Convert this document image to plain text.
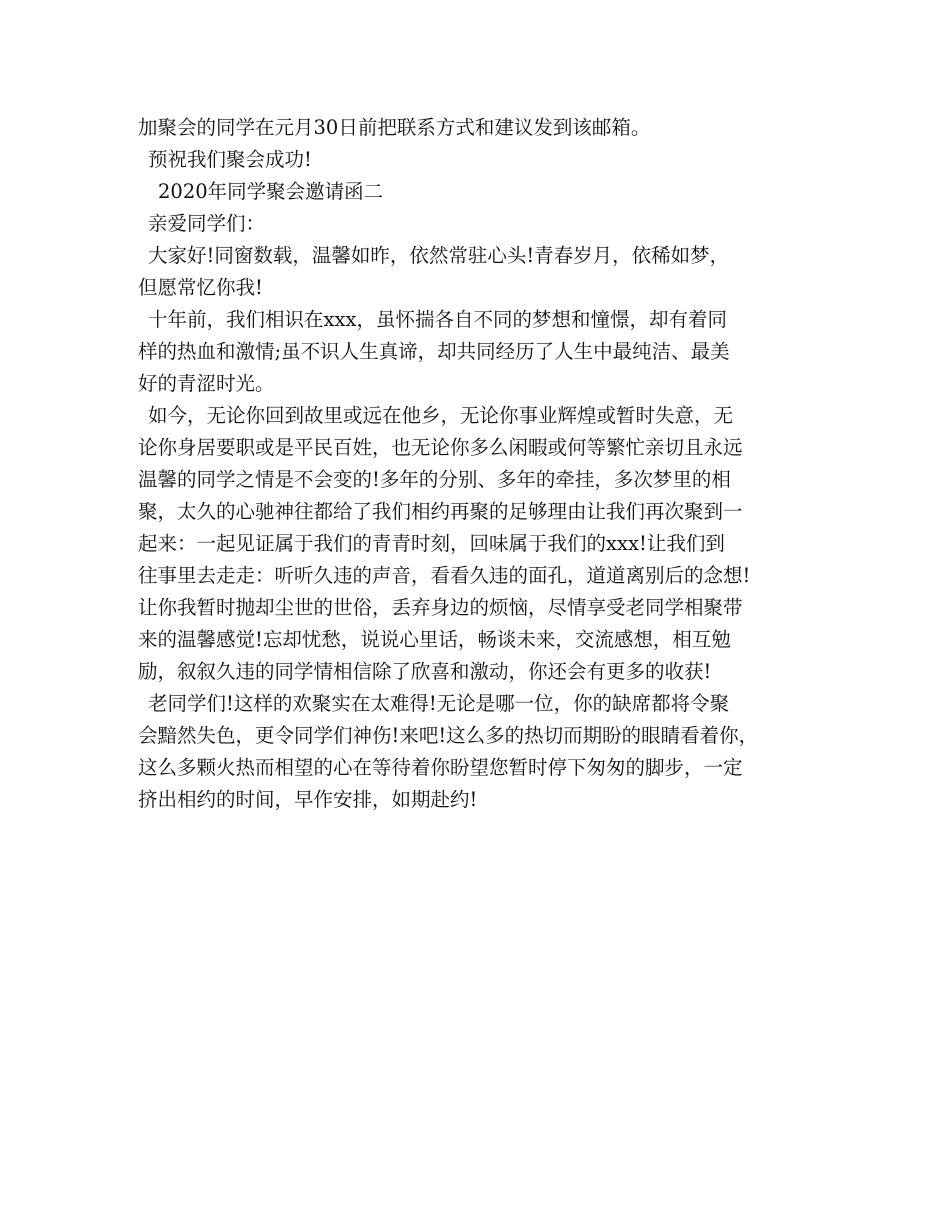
加聚会的同学在元月30日前把联系方式和建议发到该邮箱。
预祝我们聚会成功!
2020年同学聚会邀请函二
亲爱同学们：
大家好!同窗数载，温馨如昨，依然常驻心头!青春岁月，依稀如梦，
但愿常忆你我!
十年前，我们相识在xxx，虽怀揣各自不同的梦想和憧憬，却有着同
样的热血和激情;虽不识人生真谛，却共同经历了人生中最纯洁、最美
好的青涩时光。
如今，无论你回到故里或远在他乡，无论你事业辉煌或暂时失意，无
论你身居要职或是平民百姓，也无论你多么闲暇或何等繁忙亲切且永远
温馨的同学之情是不会变的!多年的分别、多年的牵挂，多次梦里的相
聚，太久的心驰神往都给了我们相约再聚的足够理由让我们再次聚到一
起来：一起见证属于我们的青青时刻，回味属于我们的xxx!让我们到
往事里去走走：听听久违的声音，看看久违的面孔，道道离别后的念想!
让你我暂时抛却尘世的世俗，丢弃身边的烦恼，尽情享受老同学相聚带
来的温馨感觉!忘却忧愁，说说心里话，畅谈未来，交流感想，相互勉
励，叙叙久违的同学情相信除了欣喜和激动，你还会有更多的收获!
老同学们!这样的欢聚实在太难得!无论是哪一位，你的缺席都将令聚
会黯然失色，更令同学们神伤!来吧!这么多的热切而期盼的眼睛看着你，
这么多颗火热而相望的心在等待着你盼望您暂时停下匆匆的脚步，一定
挤出相约的时间，早作安排，如期赴约!
